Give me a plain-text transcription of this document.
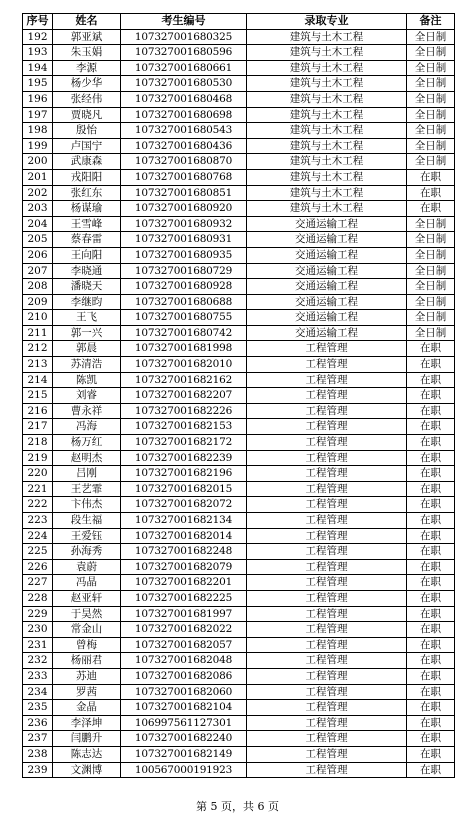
序号	姓名	考生编号	录取专业	备注
192	郭亚斌	107327001680325	建筑与土木工程	全日制
193	朱玉娟	107327001680596	建筑与土木工程	全日制
194	李源	107327001680661	建筑与土木工程	全日制
195	杨少华	107327001680530	建筑与土木工程	全日制
196	张经伟	107327001680468	建筑与土木工程	全日制
197	贾晓凡	107327001680698	建筑与土木工程	全日制
198	殷怡	107327001680543	建筑与土木工程	全日制
199	卢国宁	107327001680436	建筑与土木工程	全日制
200	武康森	107327001680870	建筑与土木工程	全日制
201	戎阳阳	107327001680768	建筑与土木工程	在职
202	张红东	107327001680851	建筑与土木工程	在职
203	杨谋瑜	107327001680920	建筑与土木工程	在职
204	王雪峰	107327001680932	交通运输工程	全日制
205	蔡春雷	107327001680931	交通运输工程	全日制
206	王向阳	107327001680935	交通运输工程	全日制
207	李晓通	107327001680729	交通运输工程	全日制
208	潘晓天	107327001680928	交通运输工程	全日制
209	李继昀	107327001680688	交通运输工程	全日制
210	王飞	107327001680755	交通运输工程	全日制
211	郭一兴	107327001680742	交通运输工程	全日制
212	郭晨	107327001681998	工程管理	在职
213	苏清浩	107327001682010	工程管理	在职
214	陈凯	107327001682162	工程管理	在职
215	刘睿	107327001682207	工程管理	在职
216	曹永祥	107327001682226	工程管理	在职
217	冯海	107327001682153	工程管理	在职
218	杨万红	107327001682172	工程管理	在职
219	赵明杰	107327001682239	工程管理	在职
220	吕刚	107327001682196	工程管理	在职
221	王艺霏	107327001682015	工程管理	在职
222	卞伟杰	107327001682072	工程管理	在职
223	段生福	107327001682134	工程管理	在职
224	王爱钰	107327001682014	工程管理	在职
225	孙海秀	107327001682248	工程管理	在职
226	袁蔚	107327001682079	工程管理	在职
227	冯晶	107327001682201	工程管理	在职
228	赵亚轩	107327001682225	工程管理	在职
229	于昊然	107327001681997	工程管理	在职
230	常金山	107327001682022	工程管理	在职
231	曾梅	107327001682057	工程管理	在职
232	杨丽君	107327001682048	工程管理	在职
233	苏迪	107327001682086	工程管理	在职
234	罗茜	107327001682060	工程管理	在职
235	金晶	107327001682104	工程管理	在职
236	李泽坤	106997561127301	工程管理	在职
237	闫鹏升	107327001682240	工程管理	在职
238	陈志达	107327001682149	工程管理	在职
239	文渊博	100567000191923	工程管理	在职
第 5 页，共 6 页
